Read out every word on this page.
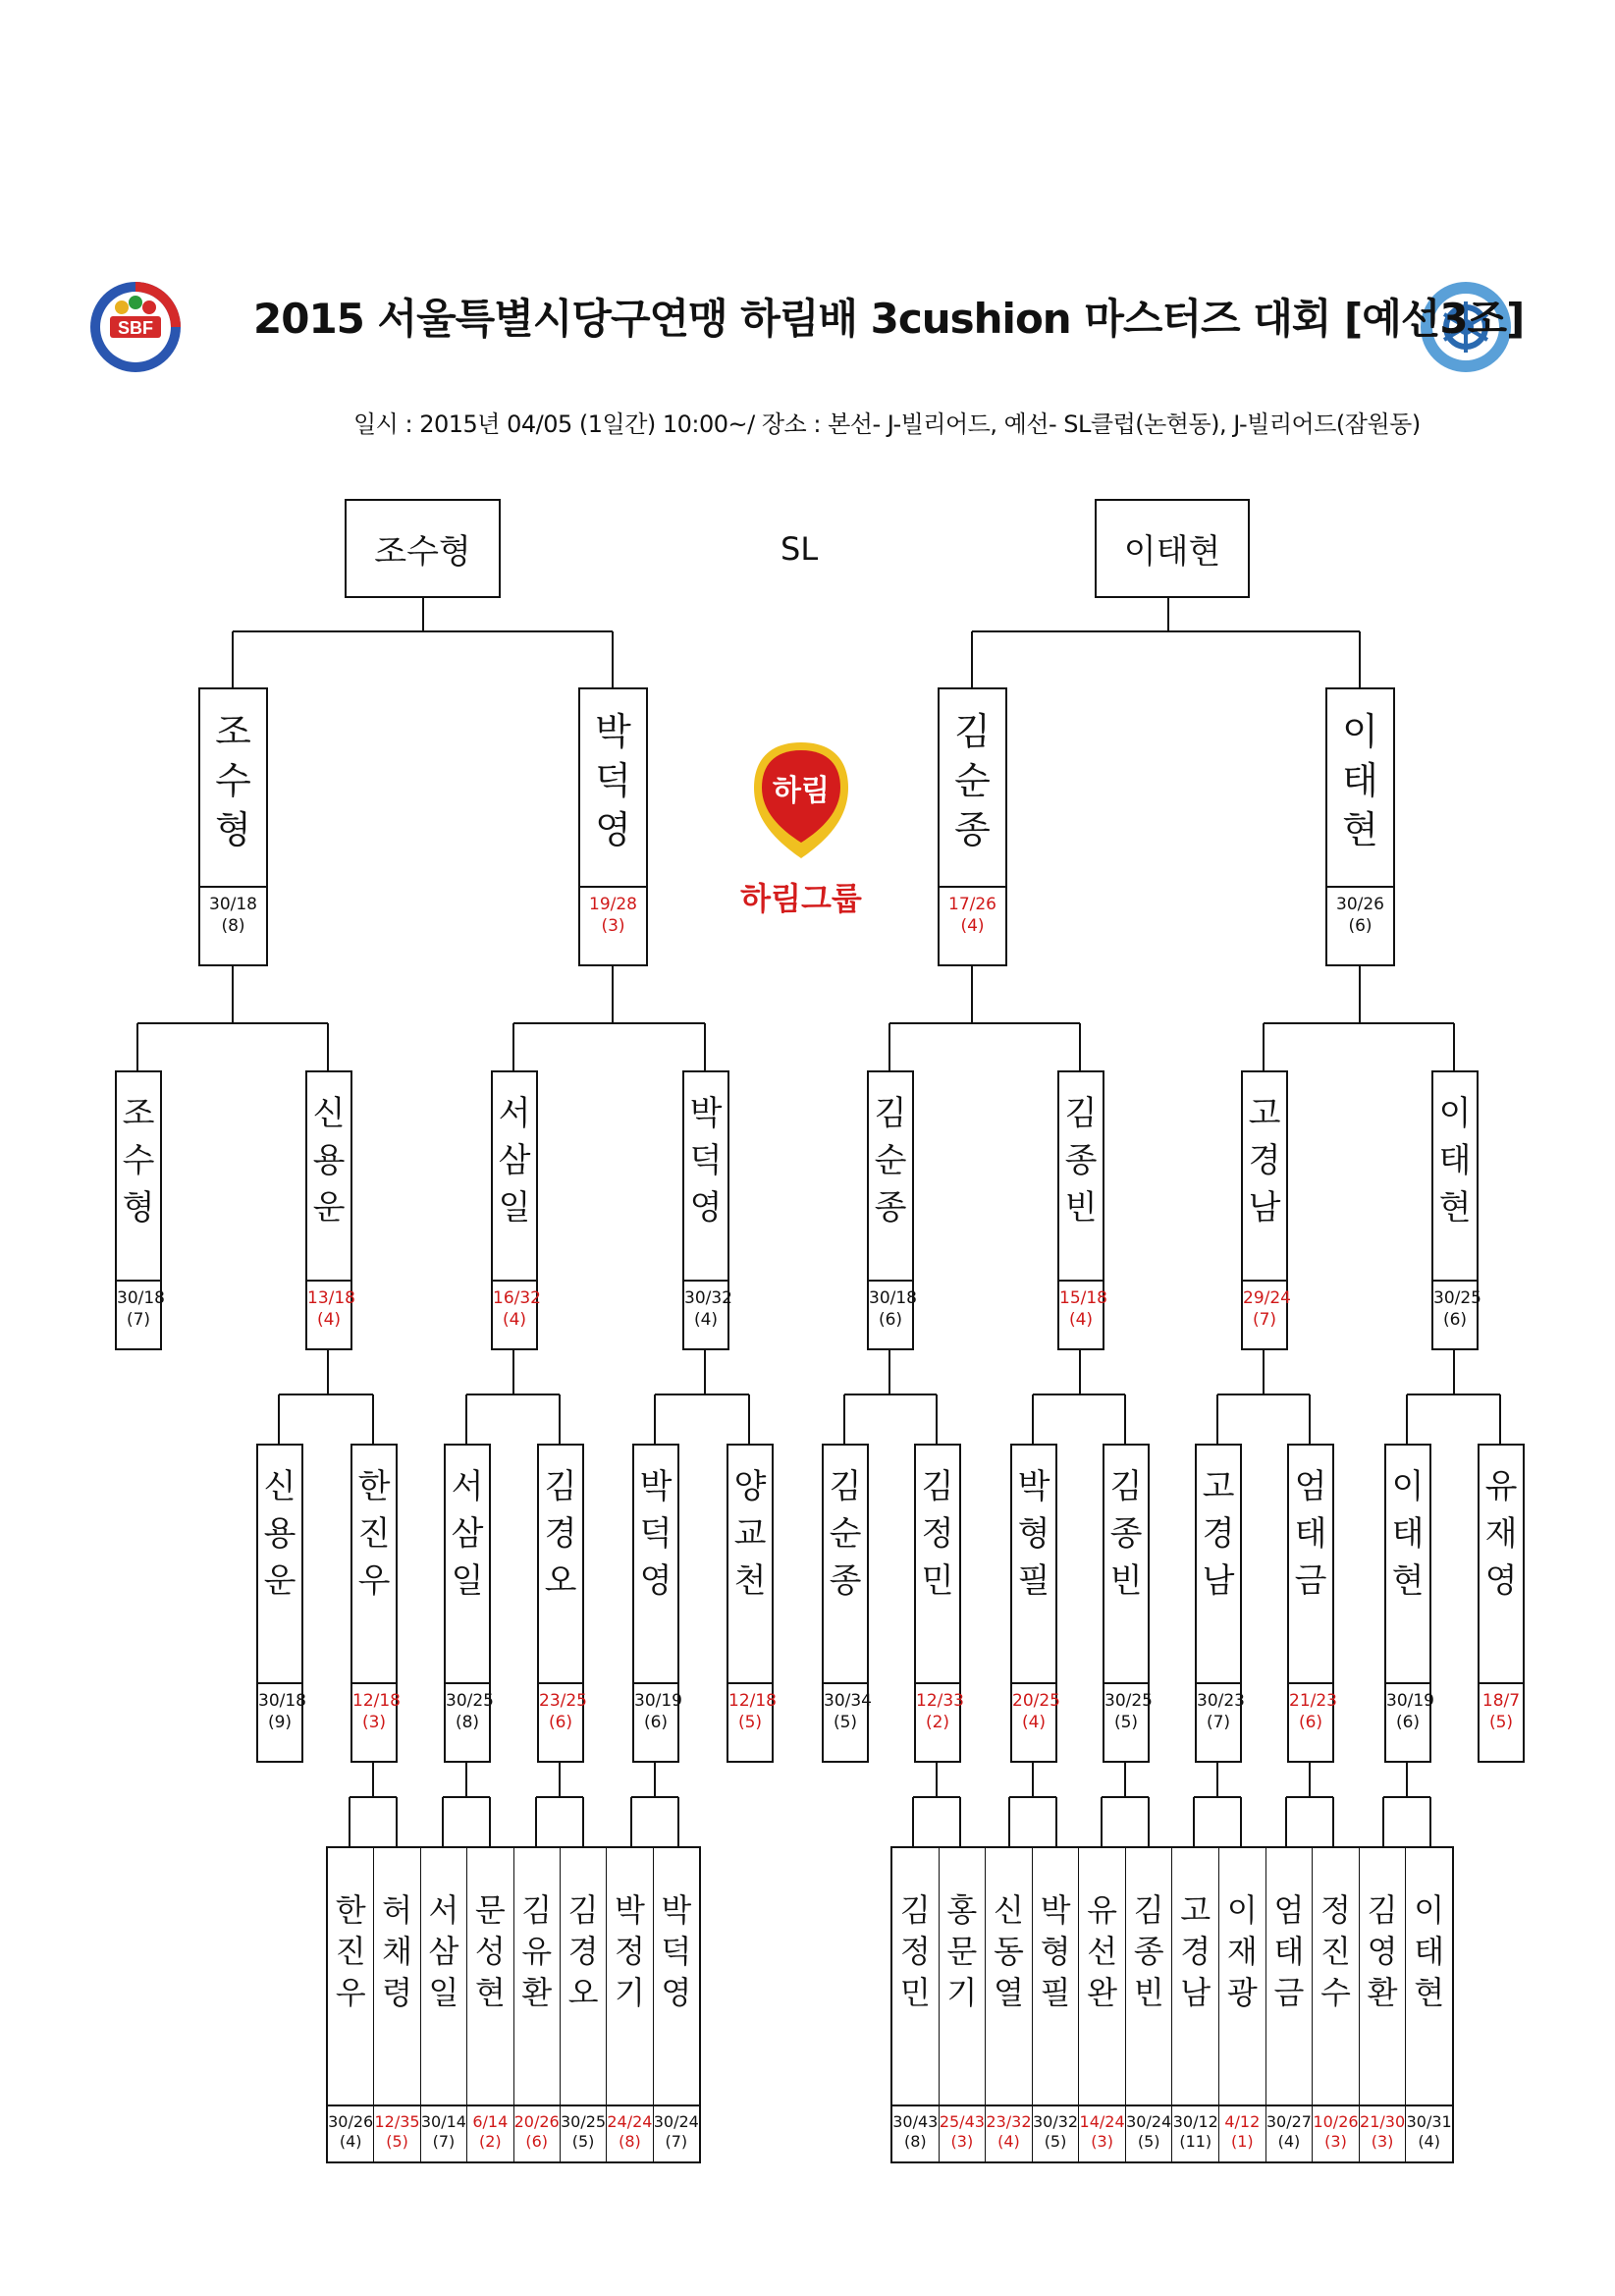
SBF 2015 서울특별시당구연맹 하림배 3cushion 마스터즈 대회 [예선3조]
일시 : 2015년 04/05 (1일간) 10:00~/ 장소 : 본선- J-빌리어드, 예선- SL클럽(논현동), J-빌리어드(잠원동)
SL
하림
하림그룹
조수형	이태현
한
진
우
30/26
(4)
허
채
령
12/35
(5)
서
삼
일
30/14
(7)
문
성
현
6/14
(2)
김
유
환
20/26
(6)
김
경
오
30/25
(5)
박
정
기
24/24
(8)
박
덕
영
30/24
(7)
김
정
민
30/43
(8)
홍
문
기
25/43
(3)
신
동
열
23/32
(4)
박
형
필
30/32
(5)
유
선
완
14/24
(3)
김
종
빈
30/24
(5)
고
경
남
30/12
(11)
이
재
광
4/12
(1)
엄
태
금
30/27
(4)
정
진
수
10/26
(3)
김
영
환
21/30
(3)
이
태
현
30/31
(4)
조
수
형
30/18
(8)
박
덕
영
19/28
(3)
김
순
종
17/26
(4)
이
태
현
30/26
(6)
조
수
형
30/18
(7)
신
용
운
13/18
(4)
서
삼
일
16/32
(4)
박
덕
영
30/32
(4)
김
순
종
30/18
(6)
김
종
빈
15/18
(4)
고
경
남
29/24
(7)
이
태
현
30/25
(6)
신
용
운
30/18
(9)
한
진
우
12/18
(3)
서
삼
일
30/25
(8)
김
경
오
23/25
(6)
박
덕
영
30/19
(6)
양
교
천
12/18
(5)
김
순
종
30/34
(5)
김
정
민
12/33
(2)
박
형
필
20/25
(4)
김
종
빈
30/25
(5)
고
경
남
30/23
(7)
엄
태
금
21/23
(6)
이
태
현
30/19
(6)
유
재
영
18/7
(5)
